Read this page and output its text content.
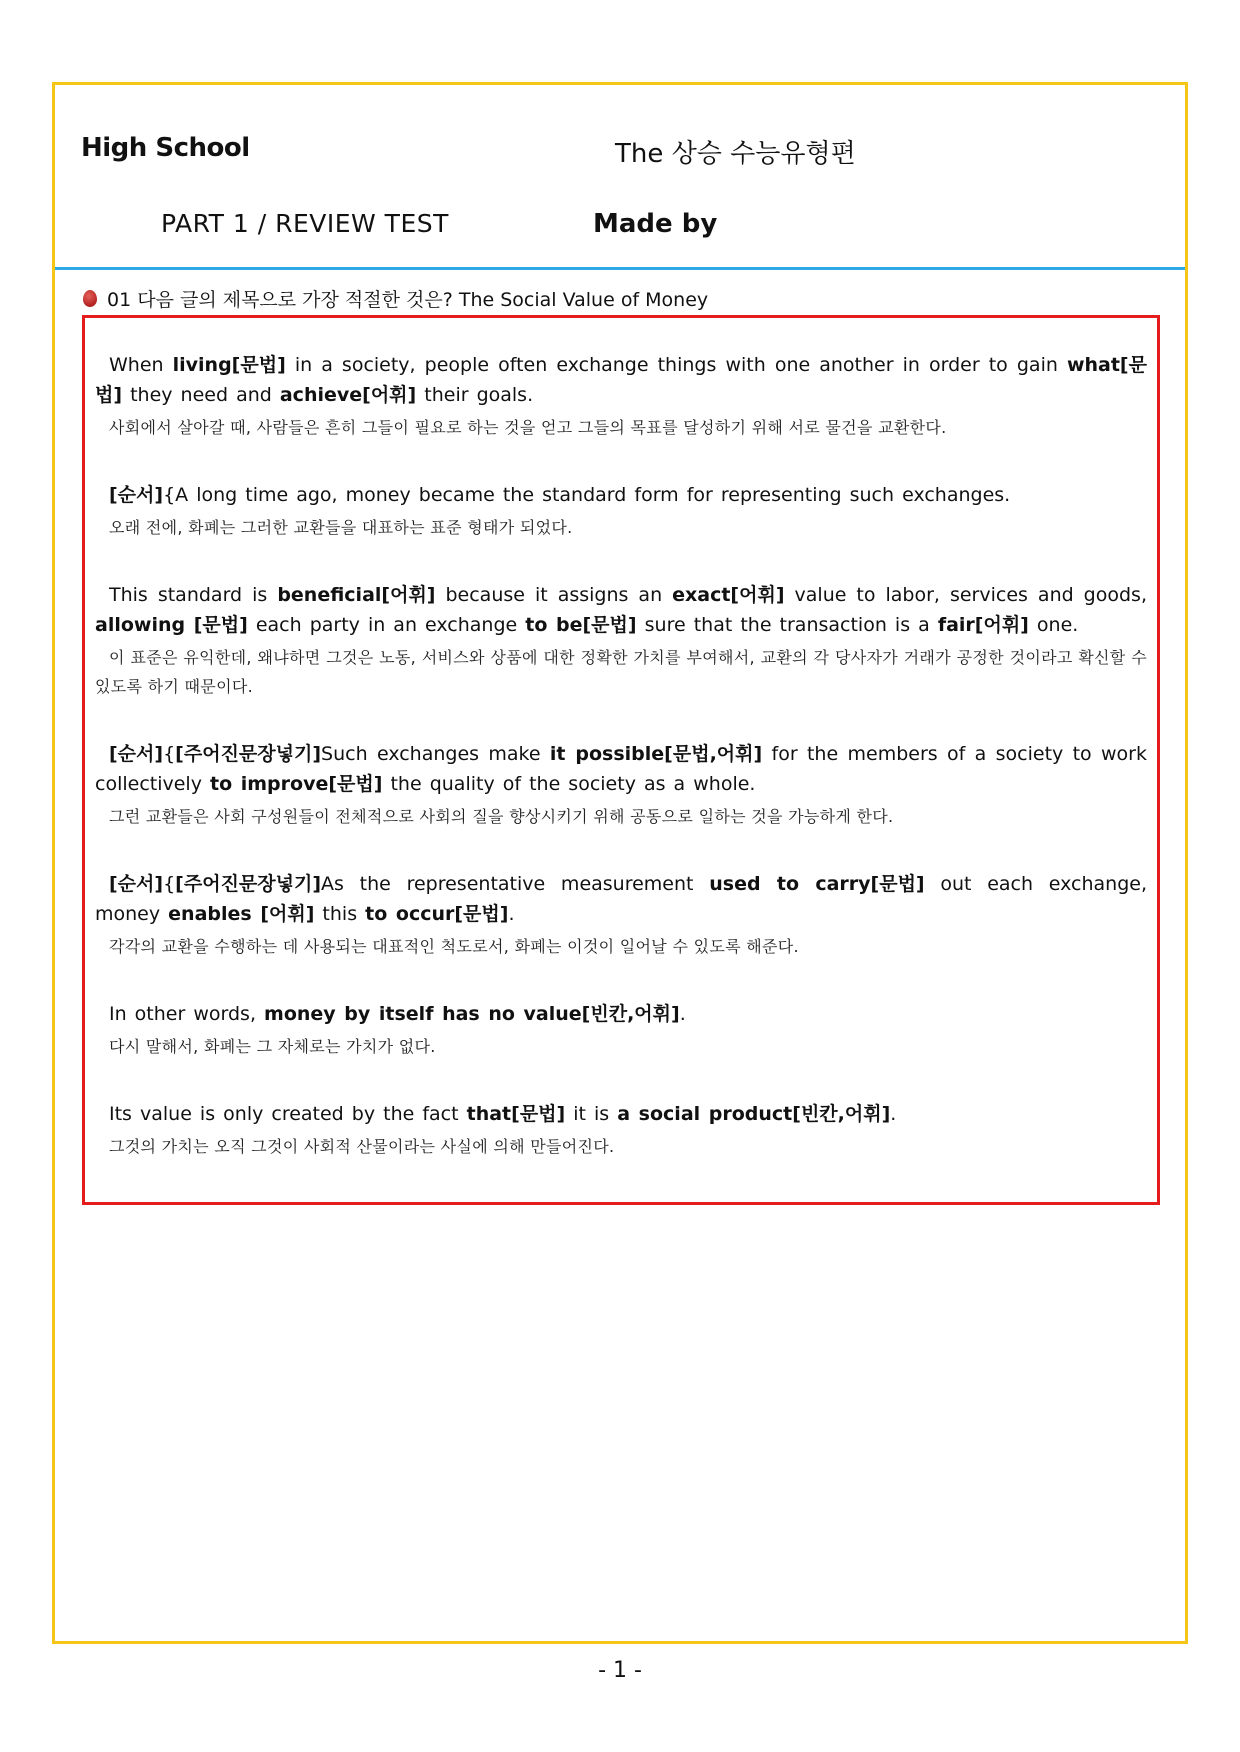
High School	The 상승 수능유형편
PART 1 / REVIEW TEST	Made by
01 다음 글의 제목으로 가장 적절한 것은? The Social Value of Money
When living[문법] in a society, people often exchange things with one another in order to gain what[문법] they need and achieve[어휘] their goals.
사회에서 살아갈 때, 사람들은 흔히 그들이 필요로 하는 것을 얻고 그들의 목표를 달성하기 위해 서로 물건을 교환한다.
[순서]{A long time ago, money became the standard form for representing such exchanges.
오래 전에, 화폐는 그러한 교환들을 대표하는 표준 형태가 되었다.
This standard is beneficial[어휘] because it assigns an exact[어휘] value to labor, services and goods, allowing [문법] each party in an exchange to be[문법] sure that the transaction is a fair[어휘] one.
이 표준은 유익한데, 왜냐하면 그것은 노동, 서비스와 상품에 대한 정확한 가치를 부여해서, 교환의 각 당사자가 거래가 공정한 것이라고 확신할 수 있도록 하기 때문이다.
[순서]{[주어진문장넣기]Such exchanges make it possible[문법,어휘] for the members of a society to work collectively to improve[문법] the quality of the society as a whole.
그런 교환들은 사회 구성원들이 전체적으로 사회의 질을 향상시키기 위해 공동으로 일하는 것을 가능하게 한다.
[순서]{[주어진문장넣기]As the representative measurement used to carry[문법] out each exchange, money enables [어휘] this to occur[문법].
각각의 교환을 수행하는 데 사용되는 대표적인 척도로서, 화폐는 이것이 일어날 수 있도록 해준다.
In other words, money by itself has no value[빈칸,어휘].
다시 말해서, 화폐는 그 자체로는 가치가 없다.
Its value is only created by the fact that[문법] it is a social product[빈칸,어휘].
그것의 가치는 오직 그것이 사회적 산물이라는 사실에 의해 만들어진다.
- 1 -
